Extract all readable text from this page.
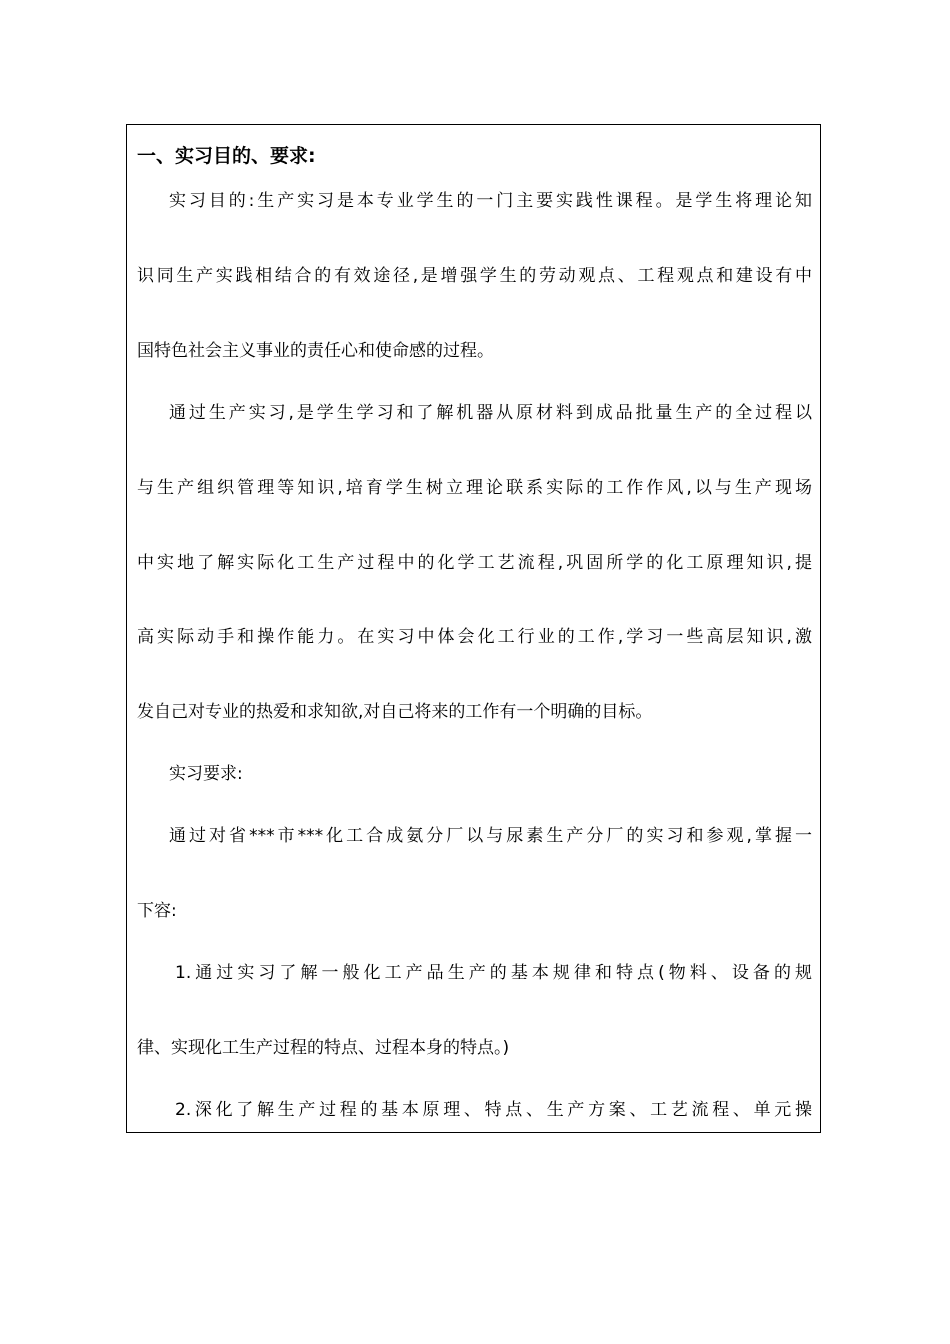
一、实习目的、要求:

实习目的:生产实习是本专业学生的一门主要实践性课程。是学生将理论知

识同生产实践相结合的有效途径,是增强学生的劳动观点、工程观点和建设有中

国特色社会主义事业的责任心和使命感的过程。

通过生产实习,是学生学习和了解机器从原材料到成品批量生产的全过程以

与生产组织管理等知识,培育学生树立理论联系实际的工作作风,以与生产现场

中实地了解实际化工生产过程中的化学工艺流程,巩固所学的化工原理知识,提

高实际动手和操作能力。在实习中体会化工行业的工作,学习一些高层知识,激

发自己对专业的热爱和求知欲,对自己将来的工作有一个明确的目标。

实习要求:

通过对省***市***化工合成氨分厂以与尿素生产分厂的实习和参观,掌握一

下容:

1.通过实习了解一般化工产品生产的基本规律和特点(物料、设备的规

律、实现化工生产过程的特点、过程本身的特点。)

2.深化了解生产过程的基本原理、特点、生产方案、工艺流程、单元操
